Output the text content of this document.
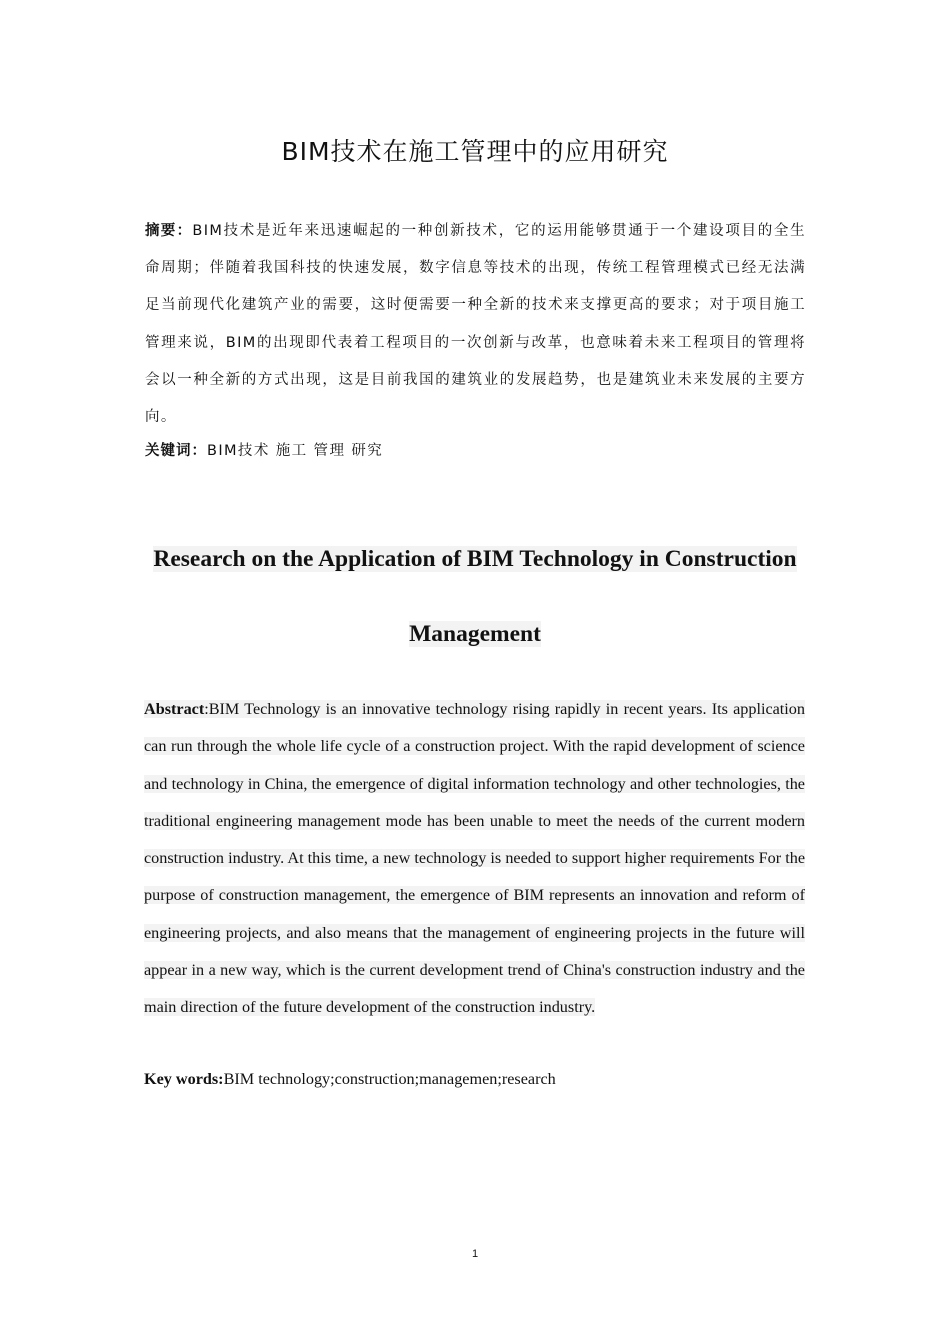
BIM技术在施工管理中的应用研究

摘要：BIM技术是近年来迅速崛起的一种创新技术，它的运用能够贯通于一个建设项目的全生命周期；伴随着我国科技的快速发展，数字信息等技术的出现，传统工程管理模式已经无法满足当前现代化建筑产业的需要，这时便需要一种全新的技术来支撑更高的要求；对于项目施工管理来说，BIM的出现即代表着工程项目的一次创新与改革，也意味着未来工程项目的管理将会以一种全新的方式出现，这是目前我国的建筑业的发展趋势，也是建筑业未来发展的主要方向。

关键词：BIM技术 施工 管理 研究

Research on the Application of BIM Technology in Construction Management

Abstract:BIM Technology is an innovative technology rising rapidly in recent years. Its application can run through the whole life cycle of a construction project. With the rapid development of science and technology in China, the emergence of digital information technology and other technologies, the traditional engineering management mode has been unable to meet the needs of the current modern construction industry. At this time, a new technology is needed to support higher requirements For the purpose of construction management, the emergence of BIM represents an innovation and reform of engineering projects, and also means that the management of engineering projects in the future will appear in a new way, which is the current development trend of China's construction industry and the main direction of the future development of the construction industry.

Key words:BIM technology;construction;managemen;research

1
